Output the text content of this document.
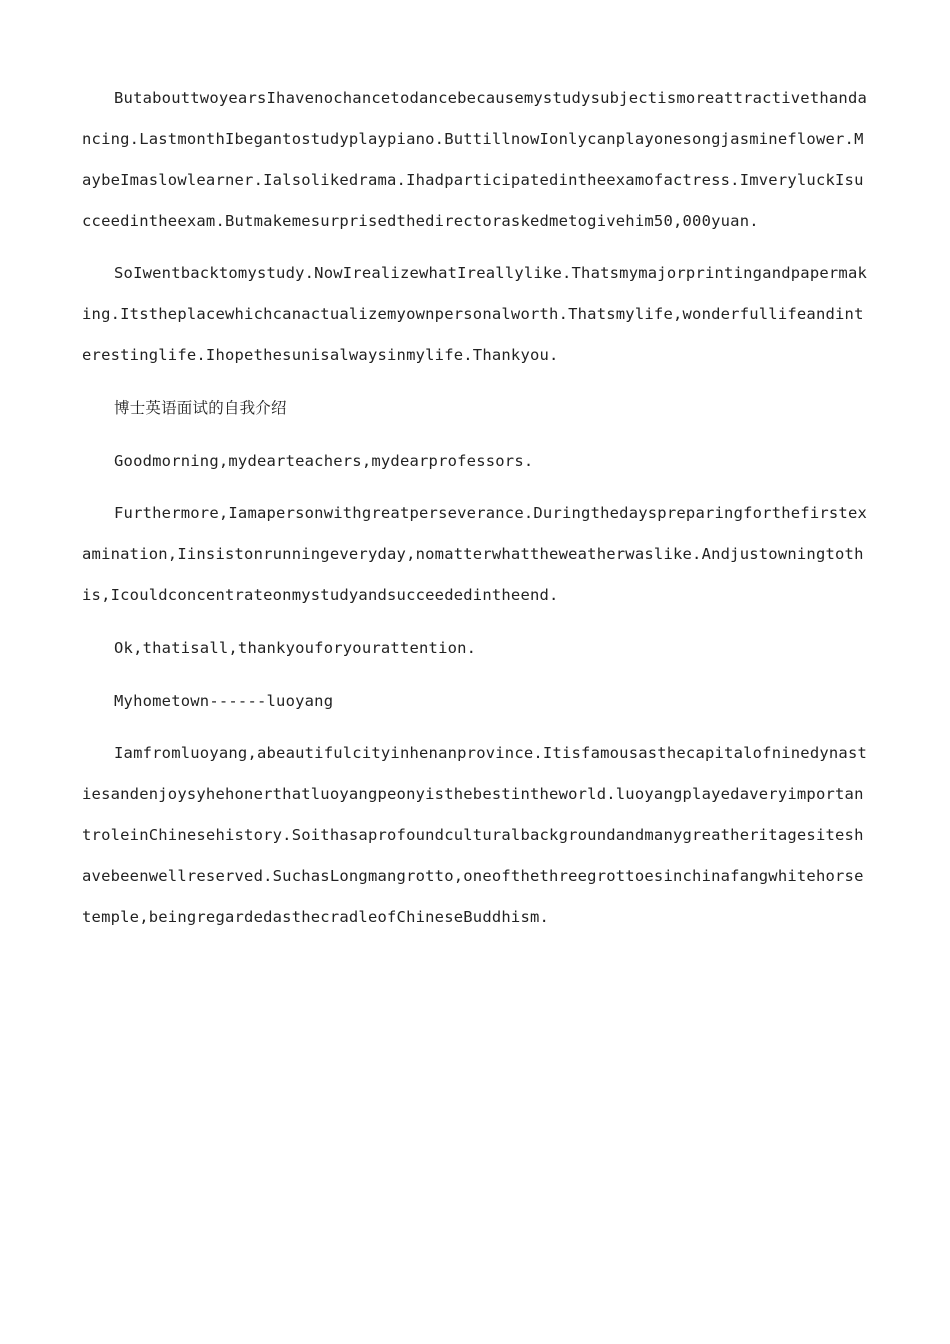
ButabouttwoyearsIhavenochancetodancebecausemystudysubjectismoreattractivethandancing.LastmonthIbegantostudyplaypiano.ButtillnowIonlycanplayonesongjasmineflower.MaybeImaslowlearner.Ialsolikedrama.Ihadparticipatedintheexamofactress.ImveryluckIsucceedintheexam.Butmakemesurprisedthedirectoraskedmetogivehim50,000yuan.

SoIwentbacktomystudy.NowIrealizewhatIreallylike.Thatsmymajorprintingandpapermaking.Itstheplacewhichcanactualizemyownpersonalworth.Thatsmylife,wonderfullifeandinterestinglife.Ihopethesunisalwaysinmylife.Thankyou.

博士英语面试的自我介绍

Goodmorning,mydearteachers,mydearprofessors.

Furthermore,Iamapersonwithgreatperseverance.Duringthedayspreparingforthefirstexamination,Iinsistonrunningeveryday,nomatterwhattheweatherwaslike.Andjustowningtothis,Icouldconcentrateonmystudyandsucceededintheend.

Ok,thatisall,thankyouforyourattention.

Myhometown------luoyang

Iamfromluoyang,abeautifulcityinhenanprovince.Itisfamousasthecapitalofninedynastiesandenjoysyhehonerthatluoyangpeonyisthebestintheworld.luoyangplayedaveryimportantroleinChinesehistory.Soithasaprofoundculturalbackgroundandmanygreatheritagesiteshavebeenwellreserved.SuchasLongmangrotto,oneofthethreegrottoesinchinafangwhitehorsetemple,beingregardedasthecradleofChineseBuddhism.
